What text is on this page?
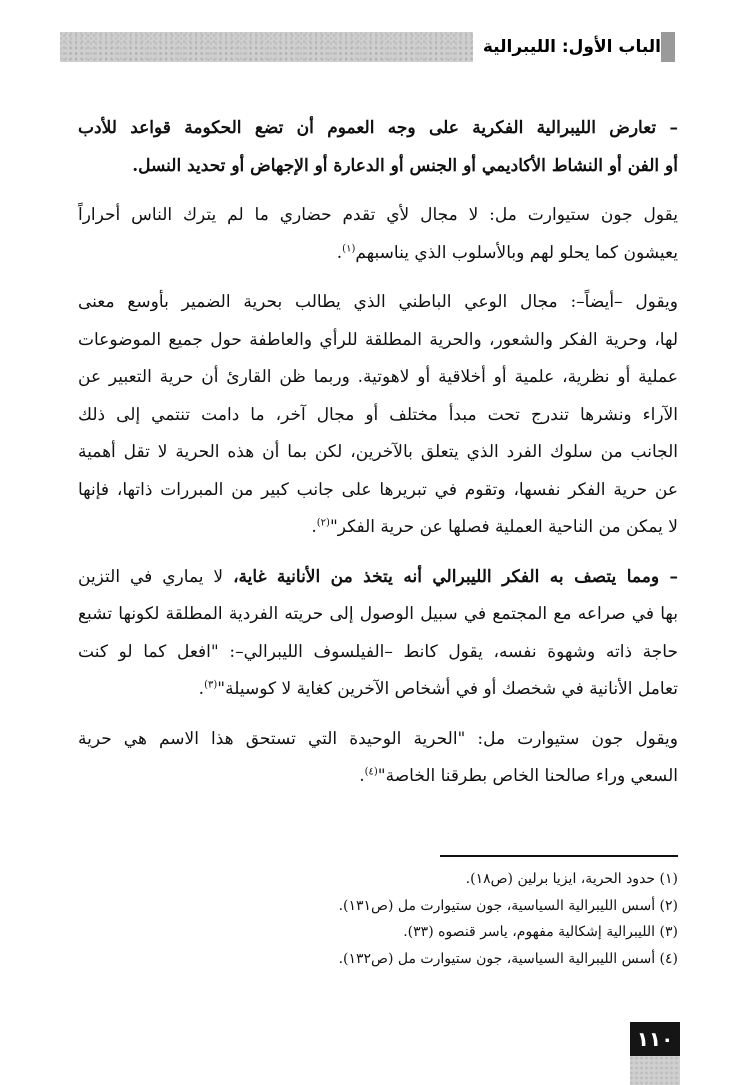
الباب الأول: الليبرالية
– تعارض الليبرالية الفكرية على وجه العموم أن تضع الحكومة قواعد للأدب
أو الفن أو النشاط الأكاديمي أو الجنس أو الدعارة أو الإجهاض أو تحديد النسل.
يقول جون ستيوارت مل: لا مجال لأي تقدم حضاري ما لم يترك الناس أحراراً
يعيشون كما يحلو لهم وبالأسلوب الذي يناسبهم$^{(١)}$.
ويقول –أيضاً–: مجال الوعي الباطني الذي يطالب بحرية الضمير بأوسع معنى
لها، وحرية الفكر والشعور، والحرية المطلقة للرأي والعاطفة حول جميع الموضوعات
عملية أو نظرية، علمية أو أخلاقية أو لاهوتية. وربما ظن القارئ أن حرية التعبير عن
الآراء ونشرها تندرج تحت مبدأ مختلف أو مجال آخر، ما دامت تنتمي إلى ذلك
الجانب من سلوك الفرد الذي يتعلق بالآخرين، لكن بما أن هذه الحرية لا تقل أهمية
عن حرية الفكر نفسها، وتقوم في تبريرها على جانب كبير من المبررات ذاتها، فإنها
لا يمكن من الناحية العملية فصلها عن حرية الفكر"$^{(٢)}$.
– ومما يتصف به الفكر الليبرالي أنه يتخذ من الأنانية غاية، لا يماري في التزين
بها في صراعه مع المجتمع في سبيل الوصول إلى حريته الفردية المطلقة لكونها تشبع
حاجة ذاته وشهوة نفسه، يقول كانط –الفيلسوف الليبرالي–: "افعل كما لو كنت
تعامل الأنانية في شخصك أو في أشخاص الآخرين كغاية لا كوسيلة"$^{(٣)}$.
ويقول جون ستيوارت مل: "الحرية الوحيدة التي تستحق هذا الاسم هي حرية
السعي وراء صالحنا الخاص بطرقنا الخاصة"$^{(٤)}$.
(١) حدود الحرية، ايزيا برلين (ص١٨).
(٢) أسس الليبرالية السياسية، جون ستيوارت مل (ص١٣١).
(٣) الليبرالية إشكالية مفهوم، ياسر قنصوه (٣٣).
(٤) أسس الليبرالية السياسية، جون ستيوارت مل (ص١٣٢).
١١٠
